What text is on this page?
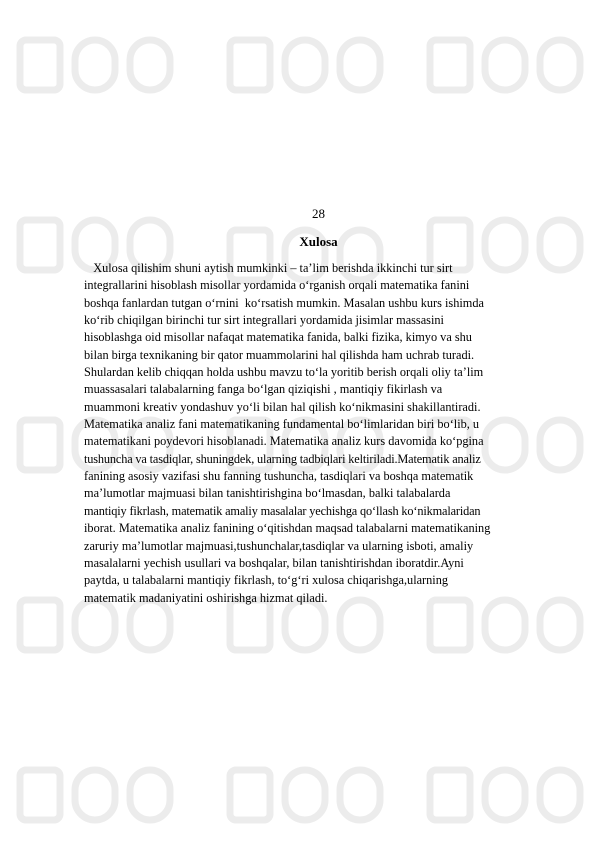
28
Xulosa
Xulosa qilishim shuni aytish mumkinki – ta’lim berishda ikkinchi tur sirt
integrallarini hisoblash misollar yordamida o‘rganish orqali matematika fanini
boshqa fanlardan tutgan o‘rnini  ko‘rsatish mumkin. Masalan ushbu kurs ishimda
ko‘rib chiqilgan birinchi tur sirt integrallari yordamida jisimlar massasini
hisoblashga oid misollar nafaqat matematika fanida, balki fizika, kimyo va shu
bilan birga texnikaning bir qator muammolarini hal qilishda ham uchrab turadi.
Shulardan kelib chiqqan holda ushbu mavzu to‘la yoritib berish orqali oliy ta’lim
muassasalari talabalarning fanga bo‘lgan qiziqishi , mantiqiy fikirlash va
muammoni kreativ yondashuv yo‘li bilan hal qilish ko‘nikmasini shakillantiradi.
Matematika analiz fani matematikaning fundamental bo‘limlaridan biri bo‘lib, u
matematikani poydevori hisoblanadi. Matematika analiz kurs davomida ko‘pgina
tushuncha va tasdiqlar, shuningdek, ularning tadbiqlari keltiriladi.Matematik analiz
fanining asosiy vazifasi shu fanning tushuncha, tasdiqlari va boshqa matematik
ma’lumotlar majmuasi bilan tanishtirishgina bo‘lmasdan, balki talabalarda
mantiqiy fikrlash, matematik amaliy masalalar yechishga qo‘llash ko‘nikmalaridan
iborat. Matematika analiz fanining o‘qitishdan maqsad talabalarni matematikaning
zaruriy ma’lumotlar majmuasi,tushunchalar,tasdiqlar va ularning isboti, amaliy
masalalarni yechish usullari va boshqalar, bilan tanishtirishdan iboratdir.Ayni
paytda, u talabalarni mantiqiy fikrlash, to‘g‘ri xulosa chiqarishga,ularning
matematik madaniyatini oshirishga hizmat qiladi.
